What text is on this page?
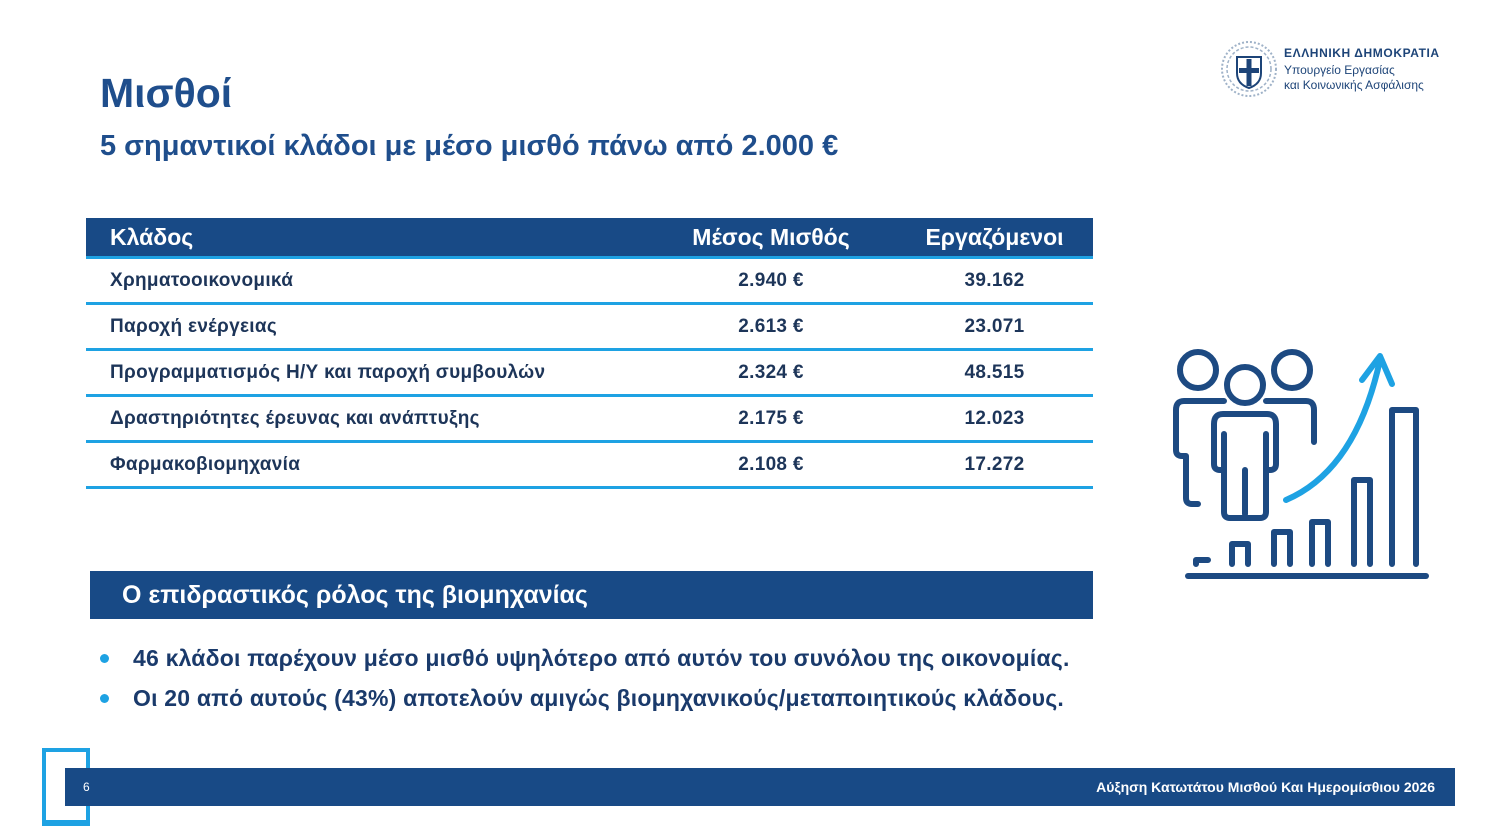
ΕΛΛΗΝΙΚΗ ΔΗΜΟΚΡΑΤΙΑ
Υπουργείο Εργασίας
και Κοινωνικής Ασφάλισης
Μισθοί
5 σημαντικοί κλάδοι με μέσο μισθό πάνω από 2.000 €
Κλάδος	Μέσος Μισθός	Εργαζόμενοι
Χρηματοοικονομικά	2.940 €	39.162
Παροχή ενέργειας	2.613 €	23.071
Προγραμματισμός Η/Υ και παροχή συμβουλών	2.324 €	48.515
Δραστηριότητες έρευνας και ανάπτυξης	2.175 €	12.023
Φαρμακοβιομηχανία	2.108 €	17.272
Ο επιδραστικός ρόλος της βιομηχανίας
46 κλάδοι παρέχουν μέσο μισθό υψηλότερο από αυτόν του συνόλου της οικονομίας.
Οι 20 από αυτούς (43%) αποτελούν αμιγώς βιομηχανικούς/μεταποιητικούς κλάδους.
6	Αύξηση Κατωτάτου Μισθού Και Ημερομίσθιου 2026
